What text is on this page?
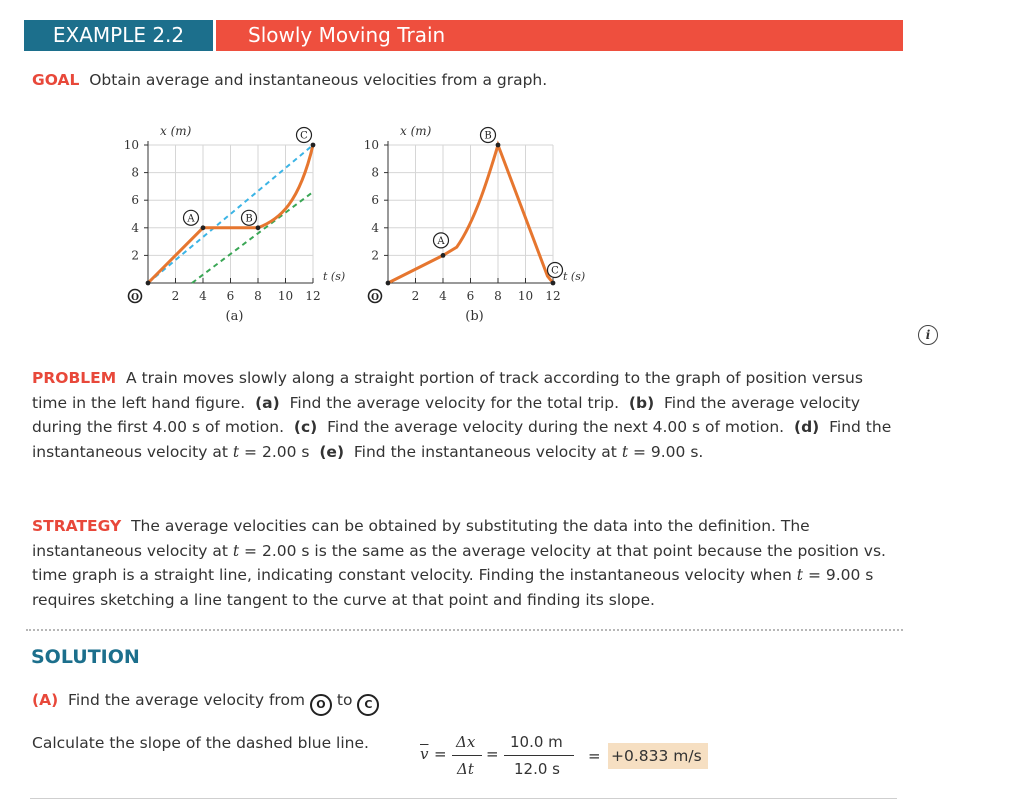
EXAMPLE 2.2	Slowly Moving Train
GOAL Obtain average and instantaneous velocities from a graph.
10
8
6
4
2
2 4 6 8 10 12
x (m)
t (s)
(a)
O
A	B
C
10
8
6
4
2
2 4 6 8 10 12
x (m)
t (s)
(b)
O
A
B
C
i
PROBLEM A train moves slowly along a straight portion of track according to the graph of position versus time in the left hand figure. (a) Find the average velocity for the total trip. (b) Find the average velocity during the first 4.00 s of motion. (c) Find the average velocity during the next 4.00 s of motion. (d) Find the instantaneous velocity at t = 2.00 s (e) Find the instantaneous velocity at t = 9.00 s.
STRATEGY The average velocities can be obtained by substituting the data into the definition. The instantaneous velocity at t = 2.00 s is the same as the average velocity at that point because the position vs. time graph is a straight line, indicating constant velocity. Finding the instantaneous velocity when t = 9.00 s requires sketching a line tangent to the curve at that point and finding its slope.
SOLUTION
(A) Find the average velocity from O to C
Calculate the slope of the dashed blue line.
$\overline{v}$ =
Δx
Δt
=
10.0 m
12.0 s
= +0.833 m/s
